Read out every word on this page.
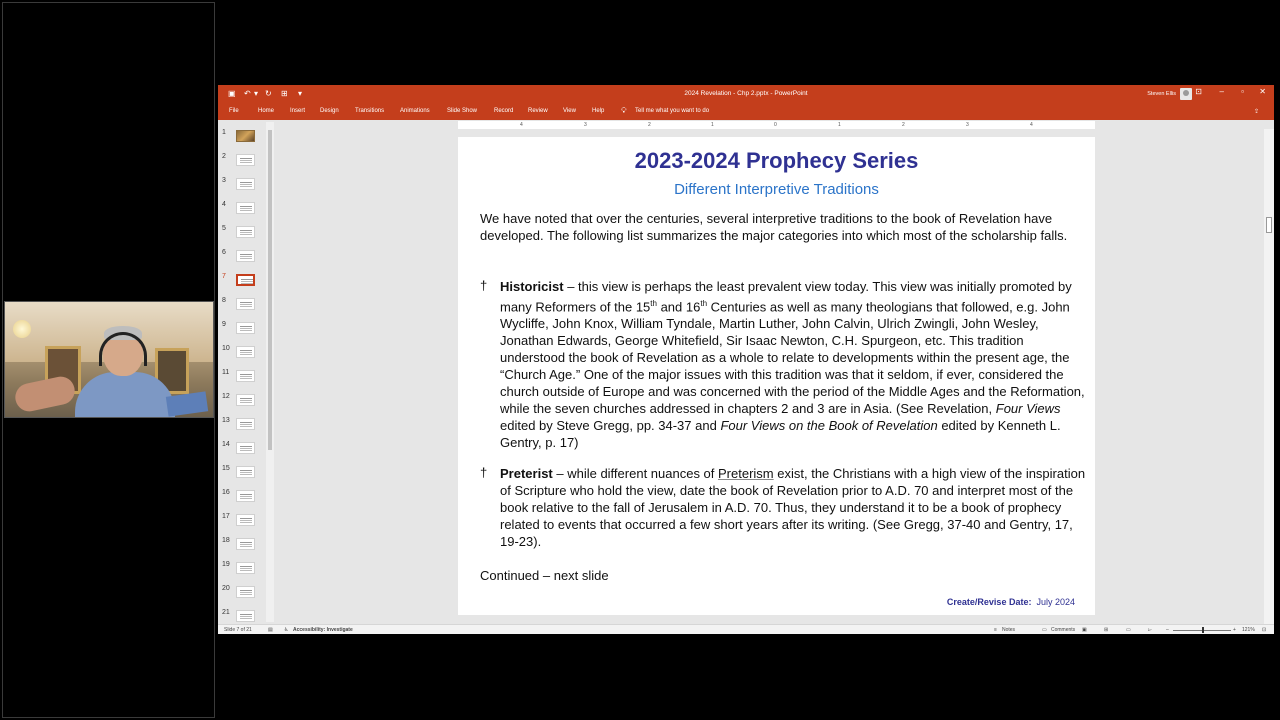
▣ ↶ ▾ ↻ ⊞ ▾	2024 Revelation - Chp 2.pptx - PowerPoint	Steven Ellis ⊡ – ▫ ✕
File	Home	Insert Design	Transitions	Animations	Slide Show	Record Review	View	Help 💡︎ Tell me what you want to do	⇪
1
2
3
4
5
6
7
8
9
10
11
12
13
14
15
16
17
18
19
20
21
4	3	2	1	0	1	2	3	4
2023-2024 Prophecy Series
Different Interpretive Traditions
We have noted that over the centuries, several interpretive traditions to the book of Revelation have developed. The following list summarizes the major categories into which most of the scholarship falls.
† Historicist – this view is perhaps the least prevalent view today. This view was initially promoted by many Reformers of the 15th and 16th Centuries as well as many theologians that followed, e.g. John Wycliffe, John Knox, William Tyndale, Martin Luther, John Calvin, Ulrich Zwingli, John Wesley, Jonathan Edwards, George Whitefield, Sir Isaac Newton, C.H. Spurgeon, etc. This tradition understood the book of Revelation as a whole to relate to developments within the present age, the “Church Age.” One of the major issues with this tradition was that it seldom, if ever, considered the church outside of Europe and was concerned with the period of the Middle Ages and the Reformation, while the seven churches addressed in chapters 2 and 3 are in Asia. (See Revelation, Four Views edited by Steve Gregg, pp. 34-37 and Four Views on the Book of Revelation edited by Kenneth L. Gentry, p. 17)
† Preterist – while different nuances of Preterism exist, the Christians with a high view of the inspiration of Scripture who hold the view, date the book of Revelation prior to A.D. 70 and interpret most of the book relative to the fall of Jerusalem in A.D. 70. Thus, they understand it to be a book of prophecy related to events that occurred a few short years after its writing. (See Gregg, 37-40 and Gentry, 17, 19-23).
Continued – next slide
Create/Revise Date: July 2024
Slide 7 of 21	▤ ♿︎ Accessibility: Investigate	≡ Notes	▭ Comments ▣	⊞	▭	▻	–	+ 121% ⊡
